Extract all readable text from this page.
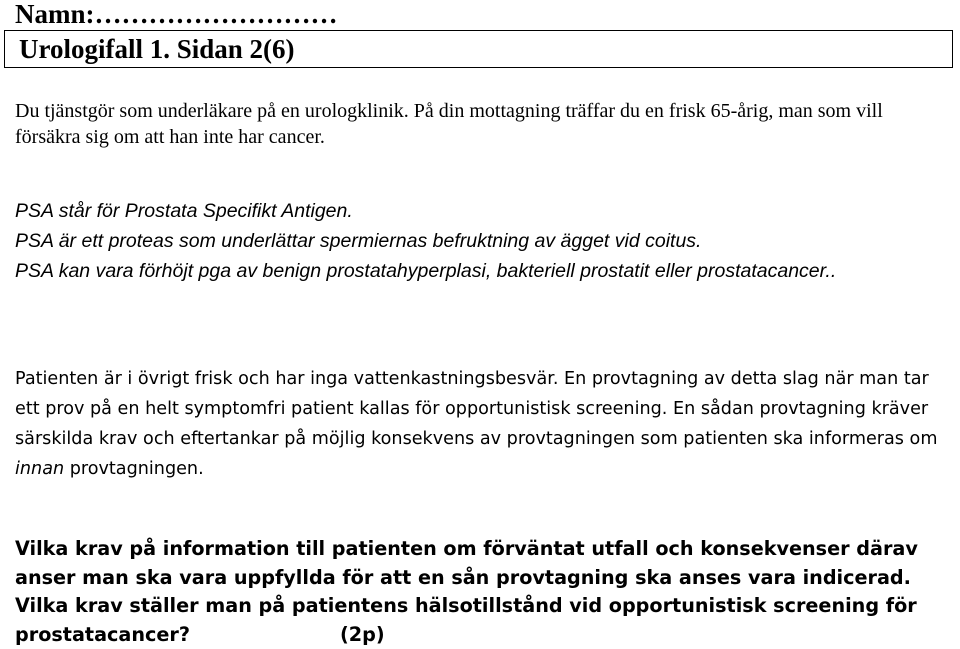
Namn:………………………
Urologifall 1. Sidan 2(6)
Du tjänstgör som underläkare på en urologklinik. På din mottagning träffar du en frisk 65-årig, man som vill försäkra sig om att han inte har cancer.

PSA står för Prostata Specifikt Antigen.

PSA är ett proteas som underlättar spermiernas befruktning av ägget vid coitus.

PSA kan vara förhöjt pga av benign prostatahyperplasi, bakteriell prostatit eller prostatacancer..

Patienten är i övrigt frisk och har inga vattenkastningsbesvär. En provtagning av detta slag när man tar ett prov på en helt symptomfri patient kallas för opportunistisk screening. En sådan provtagning kräver särskilda krav och eftertankar på möjlig konsekvens av provtagningen som patienten ska informeras om innan provtagningen.
Vilka krav på information till patienten om förväntat utfall och konsekvenser därav anser man ska vara uppfyllda för att en sån provtagning ska anses vara indicerad. Vilka krav ställer man på patientens hälsotillstånd vid opportunistisk screening för prostatacancer?	(2p)
